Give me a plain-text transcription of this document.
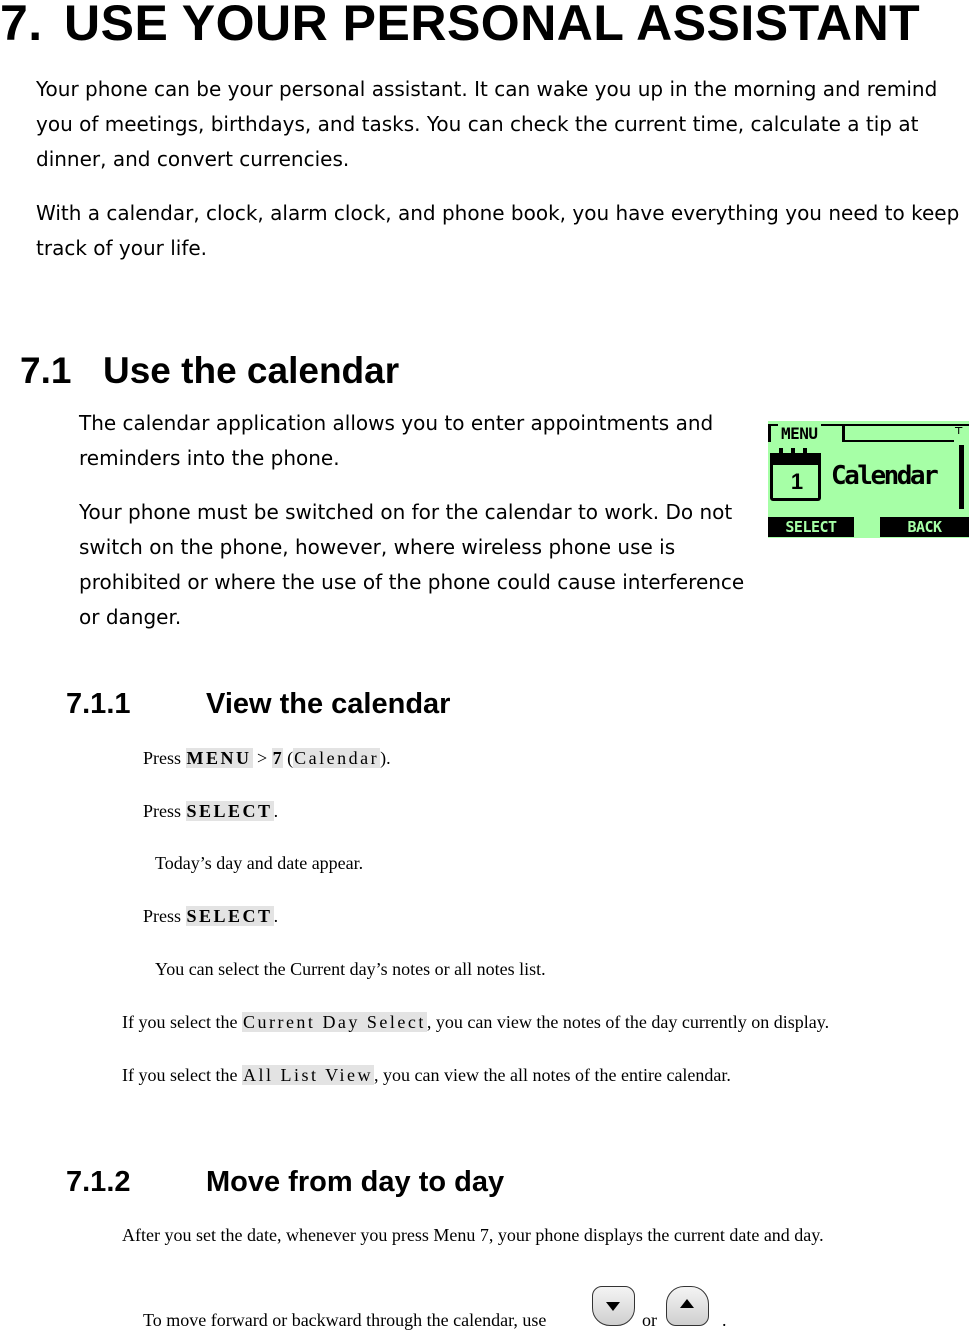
7. USE YOUR PERSONAL ASSISTANT
Your phone can be your personal assistant. It can wake you up in the morning and remind you of meetings, birthdays, and tasks. You can check the current time, calculate a tip at dinner, and convert currencies.
With a calendar, clock, alarm clock, and phone book, you have everything you need to keep track of your life.
7.1 Use the calendar
The calendar application allows you to enter appointments and reminders into the phone.
Your phone must be switched on for the calendar to work. Do not switch on the phone, however, where wireless phone use is prohibited or where the use of the phone could cause interference or danger.
MENU	⊤
1 Calendar
SELECT	BACK
7.1.1	View the calendar
Press MENU > 7 (Calendar).
Press SELECT.
Today’s day and date appear.
Press SELECT.
You can select the Current day’s notes or all notes list.
If you select the Current Day Select, you can view the notes of the day currently on display.
If you select the All List View, you can view the all notes of the entire calendar.
7.1.2	Move from day to day
After you set the date, whenever you press Menu 7, your phone displays the current date and day.
To move forward or backward through the calendar, use	or	.
